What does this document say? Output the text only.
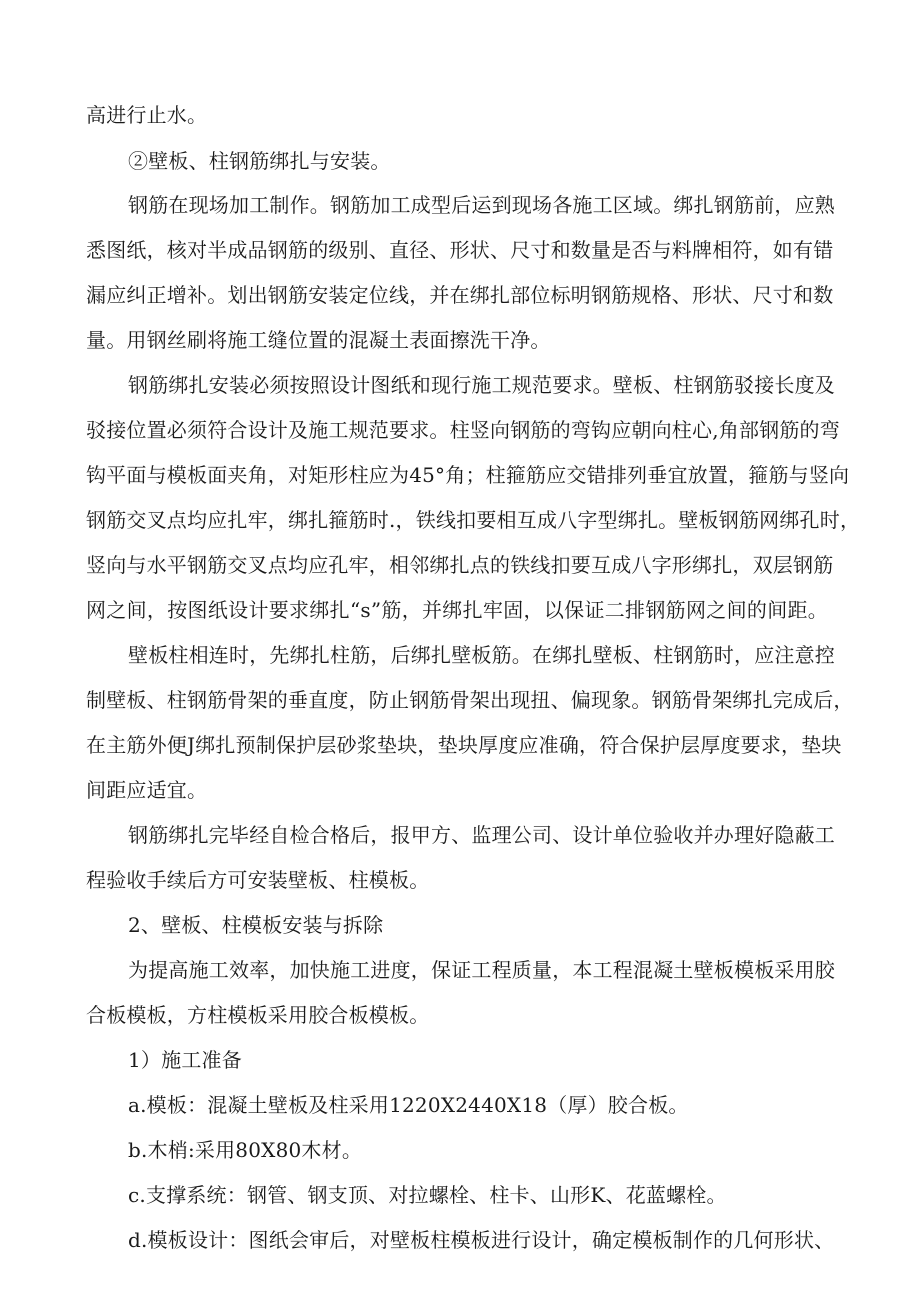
高进行止水。
②壁板、柱钢筋绑扎与安装。
钢筋在现场加工制作。钢筋加工成型后运到现场各施工区域。绑扎钢筋前，应熟
悉图纸，核对半成品钢筋的级别、直径、形状、尺寸和数量是否与料牌相符，如有错
漏应纠正增补。划出钢筋安装定位线，并在绑扎部位标明钢筋规格、形状、尺寸和数
量。用钢丝刷将施工缝位置的混凝土表面擦洗干净。
钢筋绑扎安装必须按照设计图纸和现行施工规范要求。壁板、柱钢筋驳接长度及
驳接位置必须符合设计及施工规范要求。柱竖向钢筋的弯钩应朝向柱心,角部钢筋的弯
钩平面与模板面夹角，对矩形柱应为45°角；柱箍筋应交错排列垂宜放置，箍筋与竖向
钢筋交叉点均应扎牢，绑扎箍筋时.，铁线扣要相互成八字型绑扎。壁板钢筋网绑孔时，
竖向与水平钢筋交叉点均应孔牢，相邻绑扎点的铁线扣要互成八字形绑扎，双层钢筋
网之间，按图纸设计要求绑扎“s”筋，并绑扎牢固，以保证二排钢筋网之间的间距。
壁板柱相连时，先绑扎柱筋，后绑扎壁板筋。在绑扎壁板、柱钢筋时，应注意控
制壁板、柱钢筋骨架的垂直度，防止钢筋骨架出现扭、偏现象。钢筋骨架绑扎完成后，
在主筋外便J绑扎预制保护层砂浆垫块，垫块厚度应准确，符合保护层厚度要求，垫块
间距应适宜。
钢筋绑扎完毕经自检合格后，报甲方、监理公司、设计单位验收并办理好隐蔽工
程验收手续后方可安装壁板、柱模板。
2、壁板、柱模板安装与拆除
为提高施工效率，加快施工进度，保证工程质量，本工程混凝土壁板模板采用胶
合板模板，方柱模板采用胶合板模板。
1）施工准备
a.模板：混凝土壁板及柱采用1220X2440X18（厚）胶合板。
b.木梢:采用80X80木材。
c.支撑系统：钢管、钢支顶、对拉螺栓、柱卡、山形K、花蓝螺栓。
d.模板设计：图纸会审后，对壁板柱模板进行设计，确定模板制作的几何形状、
